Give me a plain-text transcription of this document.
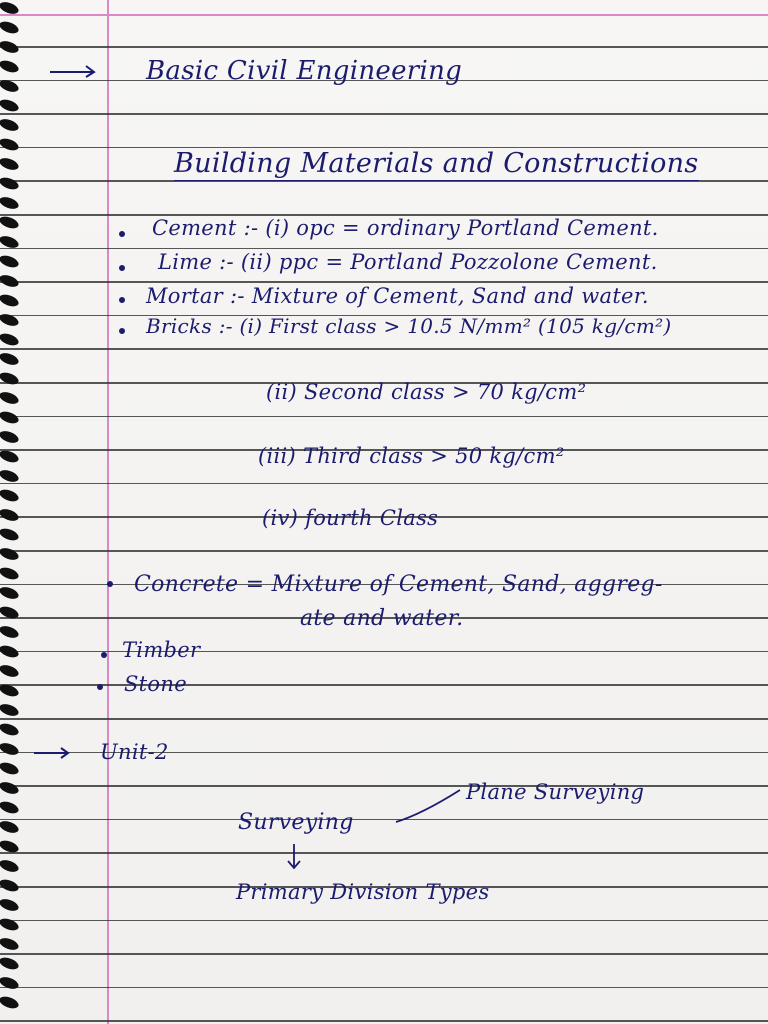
Basic Civil Engineering
Building Materials and Constructions
Cement :- (i) opc = ordinary Portland Cement.
Lime :- (ii) ppc = Portland Pozzolone Cement.
Mortar :- Mixture of Cement, Sand and water.
Bricks :- (i) First class > 10.5 N/mm² (105 kg/cm²)
(ii) Second class > 70 kg/cm²
(iii) Third class > 50 kg/cm²
(iv) fourth Class
Concrete = Mixture of Cement, Sand, aggreg-
ate and water.
Timber
Stone
Unit-2
Plane Surveying
Surveying
Primary Division Types
